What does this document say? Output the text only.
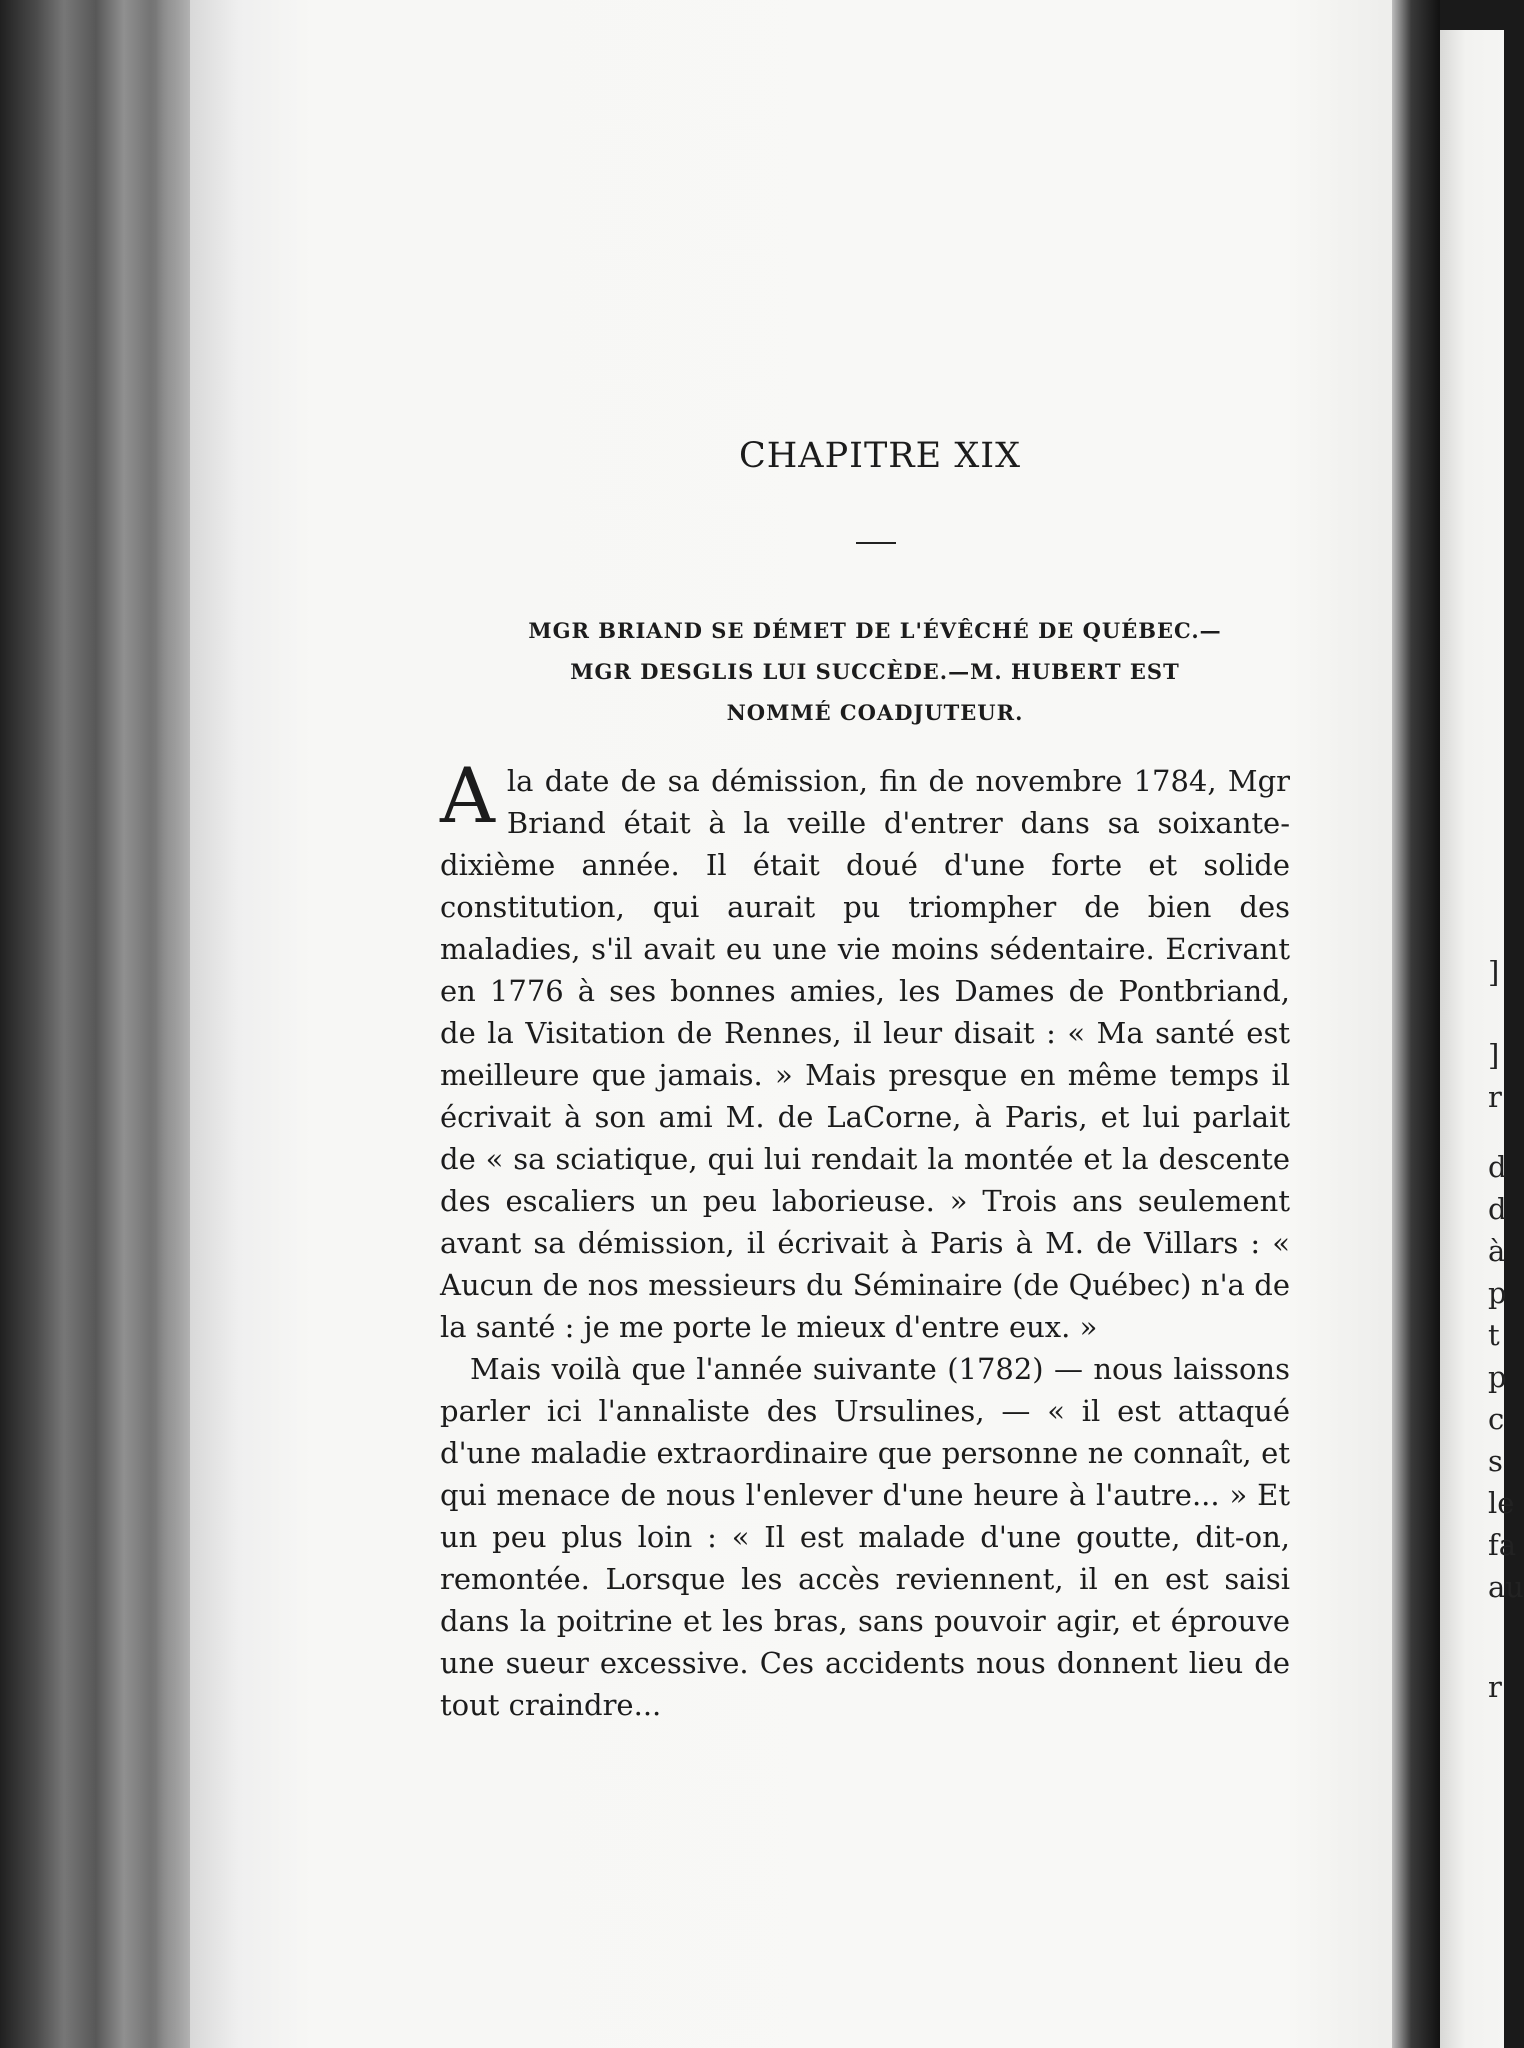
]
]
r
d
d
à
p
t
p
c
s
le
fa
au
r
CHAPITRE XIX
MGR BRIAND SE DÉMET DE L'ÉVÊCHÉ DE QUÉBEC.—
MGR DESGLIS LUI SUCCÈDE.—M. HUBERT EST
NOMMÉ COADJUTEUR.

Ala date de sa démission, fin de novembre 1784, Mgr Briand était à la veille d'entrer dans sa soixante-dixième année. Il était doué d'une forte et solide constitution, qui aurait pu triompher de bien des maladies, s'il avait eu une vie moins sédentaire. Ecrivant en 1776 à ses bonnes amies, les Dames de Pontbriand, de la Visitation de Rennes, il leur disait : « Ma santé est meilleure que jamais. » Mais presque en même temps il écrivait à son ami M. de LaCorne, à Paris, et lui parlait de « sa sciatique, qui lui rendait la montée et la descente des escaliers un peu laborieuse. » Trois ans seulement avant sa démission, il écrivait à Paris à M. de Villars : « Aucun de nos messieurs du Séminaire (de Québec) n'a de la santé : je me porte le mieux d'entre eux. »

Mais voilà que l'année suivante (1782) — nous laissons parler ici l'annaliste des Ursulines, — « il est attaqué d'une maladie extraordinaire que personne ne connaît, et qui menace de nous l'enlever d'une heure à l'autre... » Et un peu plus loin : « Il est malade d'une goutte, dit-on, remontée. Lorsque les accès reviennent, il en est saisi dans la poitrine et les bras, sans pouvoir agir, et éprouve une sueur excessive. Ces accidents nous donnent lieu de tout craindre...
